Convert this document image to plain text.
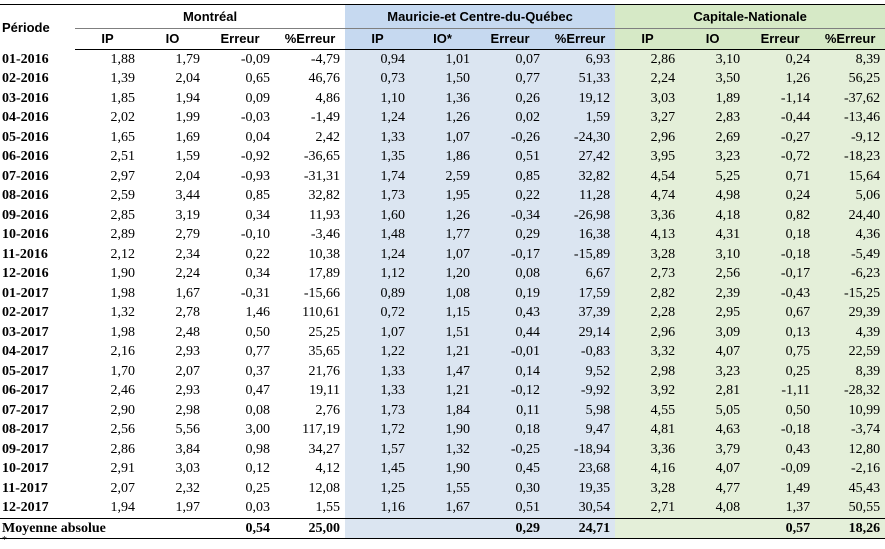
Période	Montréal				Mauricie-et Centre-du-Québec				Capitale-Nationale			
	IP	IO	Erreur	%Erreur	IP	IO*	Erreur	%Erreur	IP	IO	Erreur	%Erreur
01-2016	1,88	1,79	-0,09	-4,79	0,94	1,01	0,07	6,93	2,86	3,10	0,24	8,39
02-2016	1,39	2,04	0,65	46,76	0,73	1,50	0,77	51,33	2,24	3,50	1,26	56,25
03-2016	1,85	1,94	0,09	4,86	1,10	1,36	0,26	19,12	3,03	1,89	-1,14	-37,62
04-2016	2,02	1,99	-0,03	-1,49	1,24	1,26	0,02	1,59	3,27	2,83	-0,44	-13,46
05-2016	1,65	1,69	0,04	2,42	1,33	1,07	-0,26	-24,30	2,96	2,69	-0,27	-9,12
06-2016	2,51	1,59	-0,92	-36,65	1,35	1,86	0,51	27,42	3,95	3,23	-0,72	-18,23
07-2016	2,97	2,04	-0,93	-31,31	1,74	2,59	0,85	32,82	4,54	5,25	0,71	15,64
08-2016	2,59	3,44	0,85	32,82	1,73	1,95	0,22	11,28	4,74	4,98	0,24	5,06
09-2016	2,85	3,19	0,34	11,93	1,60	1,26	-0,34	-26,98	3,36	4,18	0,82	24,40
10-2016	2,89	2,79	-0,10	-3,46	1,48	1,77	0,29	16,38	4,13	4,31	0,18	4,36
11-2016	2,12	2,34	0,22	10,38	1,24	1,07	-0,17	-15,89	3,28	3,10	-0,18	-5,49
12-2016	1,90	2,24	0,34	17,89	1,12	1,20	0,08	6,67	2,73	2,56	-0,17	-6,23
01-2017	1,98	1,67	-0,31	-15,66	0,89	1,08	0,19	17,59	2,82	2,39	-0,43	-15,25
02-2017	1,32	2,78	1,46	110,61	0,72	1,15	0,43	37,39	2,28	2,95	0,67	29,39
03-2017	1,98	2,48	0,50	25,25	1,07	1,51	0,44	29,14	2,96	3,09	0,13	4,39
04-2017	2,16	2,93	0,77	35,65	1,22	1,21	-0,01	-0,83	3,32	4,07	0,75	22,59
05-2017	1,70	2,07	0,37	21,76	1,33	1,47	0,14	9,52	2,98	3,23	0,25	8,39
06-2017	2,46	2,93	0,47	19,11	1,33	1,21	-0,12	-9,92	3,92	2,81	-1,11	-28,32
07-2017	2,90	2,98	0,08	2,76	1,73	1,84	0,11	5,98	4,55	5,05	0,50	10,99
08-2017	2,56	5,56	3,00	117,19	1,72	1,90	0,18	9,47	4,81	4,63	-0,18	-3,74
09-2017	2,86	3,84	0,98	34,27	1,57	1,32	-0,25	-18,94	3,36	3,79	0,43	12,80
10-2017	2,91	3,03	0,12	4,12	1,45	1,90	0,45	23,68	4,16	4,07	-0,09	-2,16
11-2017	2,07	2,32	0,25	12,08	1,25	1,55	0,30	19,35	3,28	4,77	1,49	45,43
12-2017	1,94	1,97	0,03	1,55	1,16	1,67	0,51	30,54	2,71	4,08	1,37	50,55
Moyenne absolue			0,54	25,00			0,29	24,71			0,57	18,26
*
